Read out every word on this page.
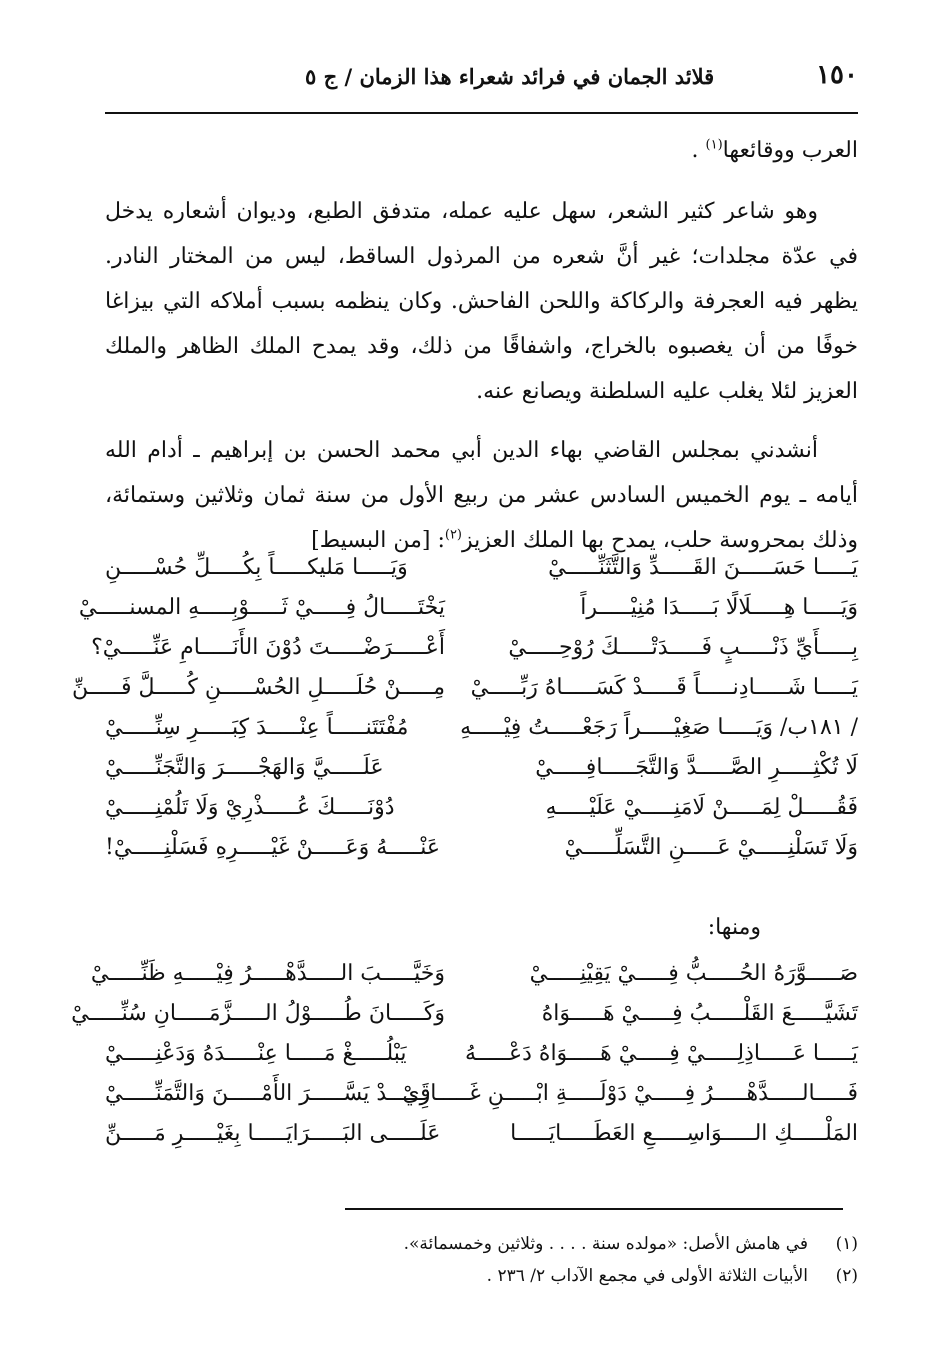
١٥٠
قلائد الجمان في فرائد شعراء هذا الزمان / ج ٥

العرب ووقائعها$^{(١)}$ .

وهو شاعر كثير الشعر، سهل عليه عمله، متدفق الطبع، وديوان أشعاره يدخل في عدّة مجلدات؛ غير أنَّ شعره من المرذول الساقط، ليس من المختار النادر. يظهر فيه العجرفة والركاكة واللحن الفاحش. وكان ينظمه بسبب أملاكه التي بيزاغا خوفًا من أن يغصبوه بالخراج، واشفاقًا من ذلك، وقد يمدح الملك الظاهر والملك العزيز لئلا يغلب عليه السلطنة ويصانع عنه.

أنشدني بمجلس القاضي بهاء الدين أبي محمد الحسن بن إبراهيم ـ أدام الله أيامه ـ يوم الخميس السادس عشر من ربيع الأول من سنة ثمان وثلاثين وستمائة، وذلك بمحروسة حلب، يمدح بها الملك العزيز$^{(٢)}$: [من البسيط]

يَـــــا حَسَـــــنَ القَـــــدِّ وَالتَّثَنِّـــــيْ
وَيَـــــا مَليكـــــاً بِكُـــــلِّ حُسْـــــنِ
وَيَـــــا هِـــــلَالًا بَـــــدَا مُنِيْـــــراً
يَخْتَـــــالُ فِـــــيْ ثَـــــوْبِـــــهِ المسنـــــيْ
بِـــــأَيِّ ذَنْـــــبٍ فَـــــدَتْـــــكَ رُوْحِـــــيْ
أَعْـــــرَضْـــــتَ دُوْنَ الأَنَـــــامِ عَنِّـــــيْ؟
يَـــــا شَـــــادِنـــــاً قَـــــدْ كَسَـــــاهُ رَبِّـــــيْ
مِـــــنْ حُلَـــــلِ الحُسْـــــنِ كُـــــلَّ فَـــــنِّ
/ ١٨١ب/ وَيَـــــا صَغِيْـــــراً رَجَعْـــــتُ فِيْـــــهِ
مُفْتَتَنـــــاً عِنْـــــدَ كِبَـــــرِ سِنِّـــــيْ
لَا تُكْثِـــــرِ الصَّـــــدَّ وَالتَّجَـــــافِـــــيْ
عَلَـــــيَّ وَالهَجْـــــرَ وَالتَّجَنِّـــــيْ
فَقُـــــلْ لِمَـــــنْ لَامَنِـــــيْ عَلَيْـــــهِ
دُوْنَـــــكَ عُـــــذْرِيْ وَلَا تَلُمْنِـــــيْ
وَلَا تَسَلْنِـــــيْ عَـــــنِ التَّسَلِّـــــيْ
عَنْـــــهُ وَعَـــــنْ غَيْـــــرِهِ فَسَلْنِـــــيْ!
ومنها:
صَـــــوَّرَهُ الحُـــــبُّ فِـــــيْ يَقِيْنِـــــيْ
وَخَيَّـــــبَ الـــــدَّهْـــــرُ فِيْـــــهِ ظَنِّـــــيْ
تَشَيَّـــــعَ القَلْـــــبُ فِـــــيْ هَـــــوَاهُ
وَكَـــــانَ طُـــــوْلُ الـــــزَّمَـــــانِ سُنِّـــــيْ
يَـــــا عَـــــاذِلِـــــيْ فِـــــيْ هَـــــوَاهُ دَعْـــــهُ
يَبْلُـــــغْ مَـــــا عِنْـــــدَهُ وَدَعْنِـــــيْ
فَـــــالـــــدَّهْـــــرُ فِـــــيْ دَوْلَـــــةِ ابْـــــنِ غَـــــازِيْ
قَـــــدْ يَسَّـــــرَ الأَمْـــــنَ وَالتَّمَنِّـــــيْ
المَلْـــــكِ الـــــوَاسِـــــعِ العَطَـــــايَـــــا
عَلَـــــى البَـــــرَايَـــــا بِغَيْـــــرِ مَـــــنِّ
(١)
في هامش الأصل: «مولده سنة . . . . وثلاثين وخمسمائة».
(٢)
الأبيات الثلاثة الأولى في مجمع الآداب ٢/ ٢٣٦ .
